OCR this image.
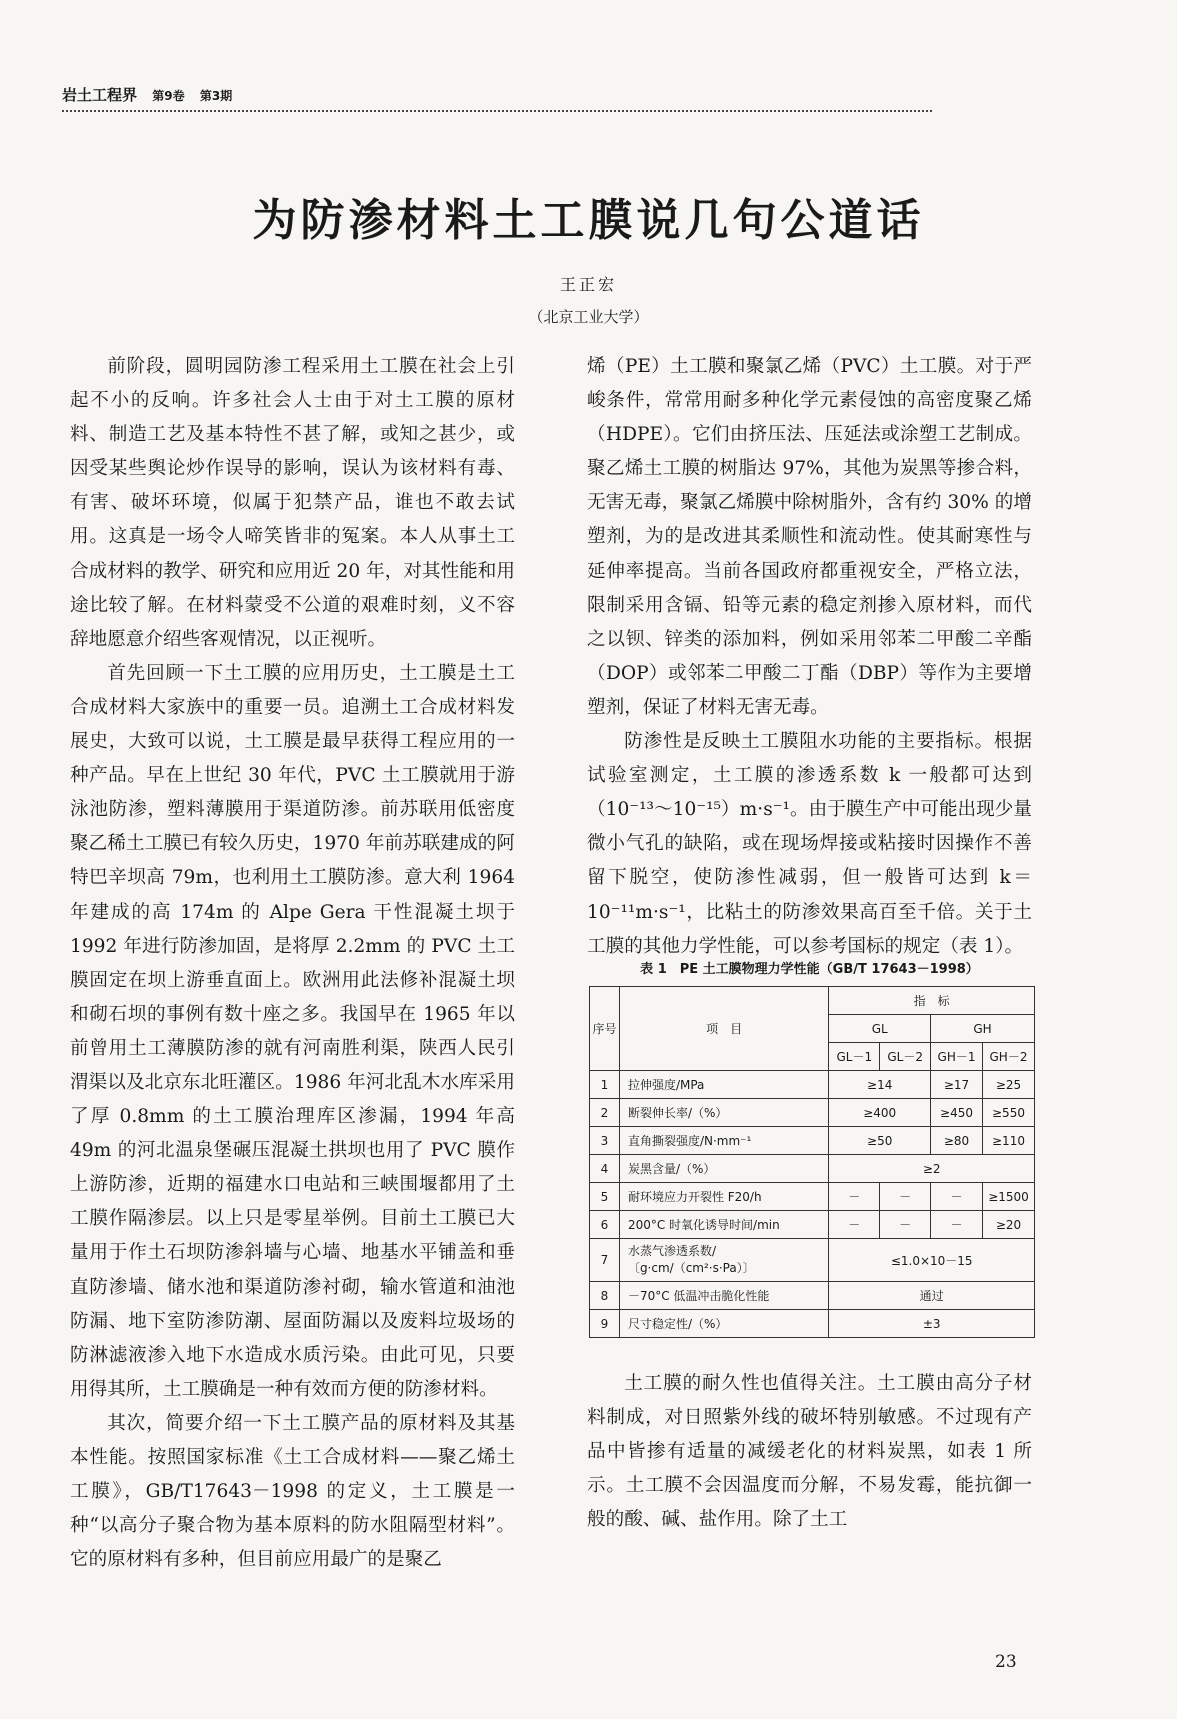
岩土工程界 第9卷 第3期
为防渗材料土工膜说几句公道话
王正宏
（北京工业大学）

前阶段，圆明园防渗工程采用土工膜在社会上引起不小的反响。许多社会人士由于对土工膜的原材料、制造工艺及基本特性不甚了解，或知之甚少，或因受某些舆论炒作误导的影响，误认为该材料有毒、有害、破坏环境，似属于犯禁产品，谁也不敢去试用。这真是一场令人啼笑皆非的冤案。本人从事土工合成材料的教学、研究和应用近 20 年，对其性能和用途比较了解。在材料蒙受不公道的艰难时刻，义不容辞地愿意介绍些客观情况，以正视听。

首先回顾一下土工膜的应用历史，土工膜是土工合成材料大家族中的重要一员。追溯土工合成材料发展史，大致可以说，土工膜是最早获得工程应用的一种产品。早在上世纪 30 年代，PVC 土工膜就用于游泳池防渗，塑料薄膜用于渠道防渗。前苏联用低密度聚乙稀土工膜已有较久历史，1970 年前苏联建成的阿特巴辛坝高 79m，也利用土工膜防渗。意大利 1964 年建成的高 174m 的 Alpe Gera 干性混凝土坝于 1992 年进行防渗加固，是将厚 2.2mm 的 PVC 土工膜固定在坝上游垂直面上。欧洲用此法修补混凝土坝和砌石坝的事例有数十座之多。我国早在 1965 年以前曾用土工薄膜防渗的就有河南胜利渠，陕西人民引渭渠以及北京东北旺灌区。1986 年河北乱木水库采用了厚 0.8mm 的土工膜治理库区渗漏，1994 年高 49m 的河北温泉堡碾压混凝土拱坝也用了 PVC 膜作上游防渗，近期的福建水口电站和三峡围堰都用了土工膜作隔渗层。以上只是零星举例。目前土工膜已大量用于作土石坝防渗斜墙与心墙、地基水平铺盖和垂直防渗墙、储水池和渠道防渗衬砌，输水管道和油池防漏、地下室防渗防潮、屋面防漏以及废料垃圾场的防淋滤液渗入地下水造成水质污染。由此可见，只要用得其所，土工膜确是一种有效而方便的防渗材料。

其次，简要介绍一下土工膜产品的原材料及其基本性能。按照国家标准《土工合成材料——聚乙烯土工膜》，GB/T17643－1998 的定义，土工膜是一种“以高分子聚合物为基本原料的防水阻隔型材料”。它的原材料有多种，但目前应用最广的是聚乙

烯（PE）土工膜和聚氯乙烯（PVC）土工膜。对于严峻条件，常常用耐多种化学元素侵蚀的高密度聚乙烯（HDPE）。它们由挤压法、压延法或涂塑工艺制成。聚乙烯土工膜的树脂达 97%，其他为炭黑等掺合料，无害无毒，聚氯乙烯膜中除树脂外，含有约 30% 的增塑剂，为的是改进其柔顺性和流动性。使其耐寒性与延伸率提高。当前各国政府都重视安全，严格立法，限制采用含镉、铅等元素的稳定剂掺入原材料，而代之以钡、锌类的添加料，例如采用邻苯二甲酸二辛酯（DOP）或邻苯二甲酸二丁酯（DBP）等作为主要增塑剂，保证了材料无害无毒。

防渗性是反映土工膜阻水功能的主要指标。根据试验室测定，土工膜的渗透系数 k 一般都可达到（10⁻¹³～10⁻¹⁵）m·s⁻¹。由于膜生产中可能出现少量微小气孔的缺陷，或在现场焊接或粘接时因操作不善留下脱空，使防渗性减弱，但一般皆可达到 k＝10⁻¹¹m·s⁻¹，比粘土的防渗效果高百至千倍。关于土工膜的其他力学性能，可以参考国标的规定（表 1）。

表 1　PE 土工膜物理力学性能（GB/T 17643－1998）
序号	项　目	指　标			
		GL		GH	
		GL－1	GL－2	GH－1	GH－2
1	拉伸强度/MPa	≥14		≥17	≥25
2	断裂伸长率/（%）	≥400		≥450	≥550
3	直角撕裂强度/N·mm⁻¹	≥50		≥80	≥110
4	炭黑含量/（%）	≥2			
5	耐环境应力开裂性 F20/h	－	－	－	≥1500
6	200°C 时氧化诱导时间/min	－	－	－	≥20
7	水蒸气渗透系数/
〔g·cm/（cm²·s·Pa）〕	≤1.0×10－15			
8	－70°C 低温冲击脆化性能	通过			
9	尺寸稳定性/（%）	±3			

土工膜的耐久性也值得关注。土工膜由高分子材料制成，对日照紫外线的破坏特别敏感。不过现有产品中皆掺有适量的减缓老化的材料炭黑，如表 1 所示。土工膜不会因温度而分解，不易发霉，能抗御一般的酸、碱、盐作用。除了土工

23
